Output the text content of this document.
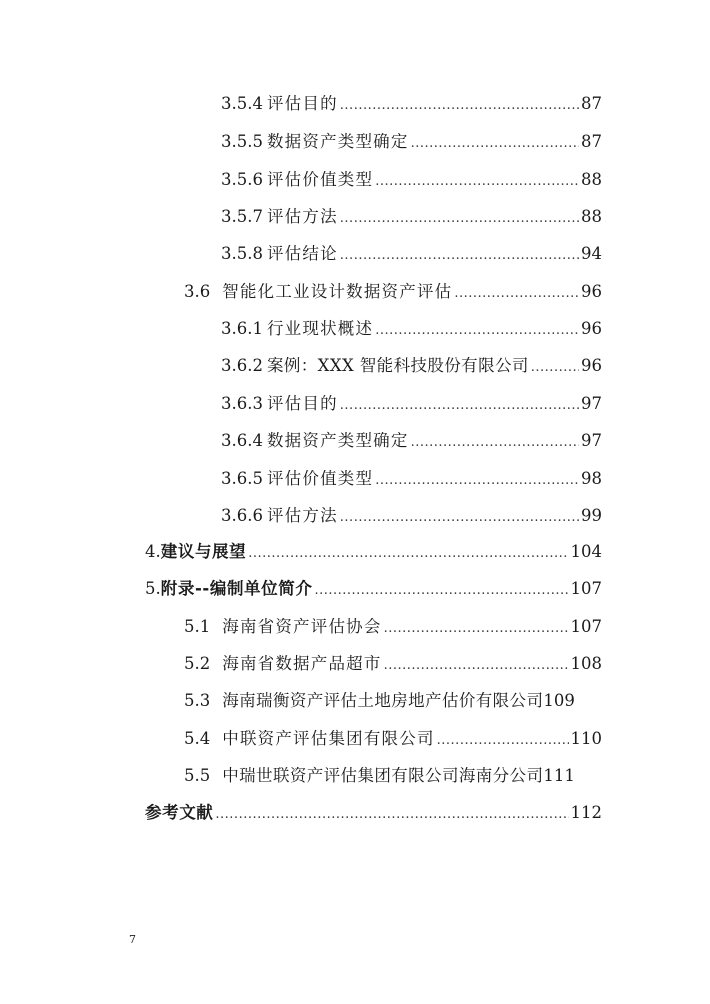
3.5.4 评估目的 .....	87
3.5.5 数据资产类型确定 .....	87
3.5.6 评估价值类型 .....	88
3.5.7 评估方法 .....	88
3.5.8 评估结论 .....	94
3.6 智能化工业设计数据资产评估 .....	96
3.6.1 行业现状概述 .....	96
3.6.2 案例：XXX 智能科技股份有限公司 .....	96
3.6.3 评估目的 .....	97
3.6.4 数据资产类型确定 .....	97
3.6.5 评估价值类型 .....	98
3.6.6 评估方法 .....	99
4. 建议与展望 .....	104
5. 附录--编制单位简介 .....	107
5.1 海南省资产评估协会 .....	107
5.2 海南省数据产品超市 .....	108
5.3 海南瑞衡资产评估土地房地产估价有限公司 109
5.4 中联资产评估集团有限公司 .....	110
5.5 中瑞世联资产评估集团有限公司海南分公司 111
参考文献 .....	112
7
